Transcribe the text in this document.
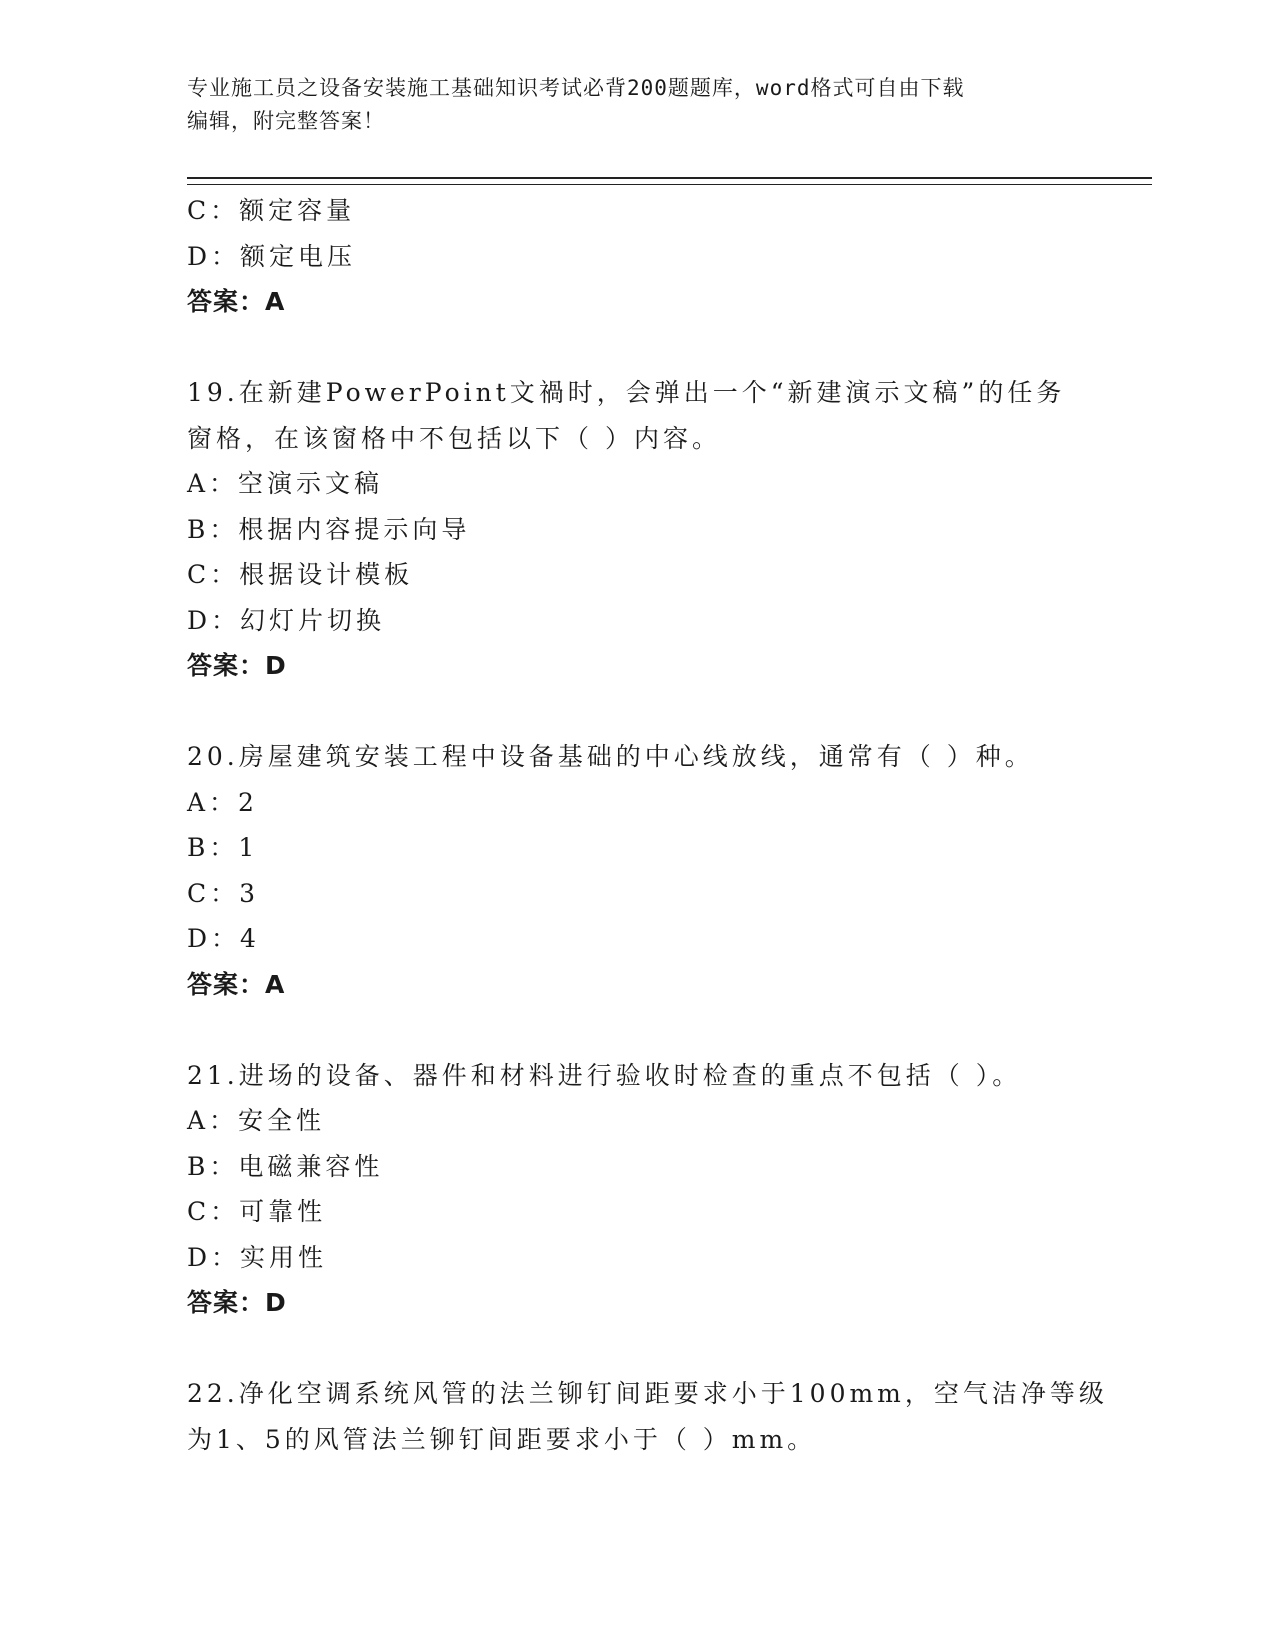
专业施工员之设备安装施工基础知识考试必背200题题库，word格式可自由下载
编辑，附完整答案！
C：额定容量
D：额定电压
答案：A
19.在新建PowerPoint文禍时，会弹出一个“新建演示文稿”的任务
窗格，在该窗格中不包括以下（ ）内容。
A：空演示文稿
B：根据内容提示向导
C：根据设计模板
D：幻灯片切换
答案：D
20.房屋建筑安装工程中设备基础的中心线放线，通常有（ ）种。
A：2
B：1
C：3
D：4
答案：A
21.进场的设备、器件和材料进行验收时检查的重点不包括（ ）。
A：安全性
B：电磁兼容性
C：可靠性
D：实用性
答案：D
22.净化空调系统风管的法兰铆钉间距要求小于100mm，空气洁净等级
为1、5的风管法兰铆钉间距要求小于（ ）mm。
